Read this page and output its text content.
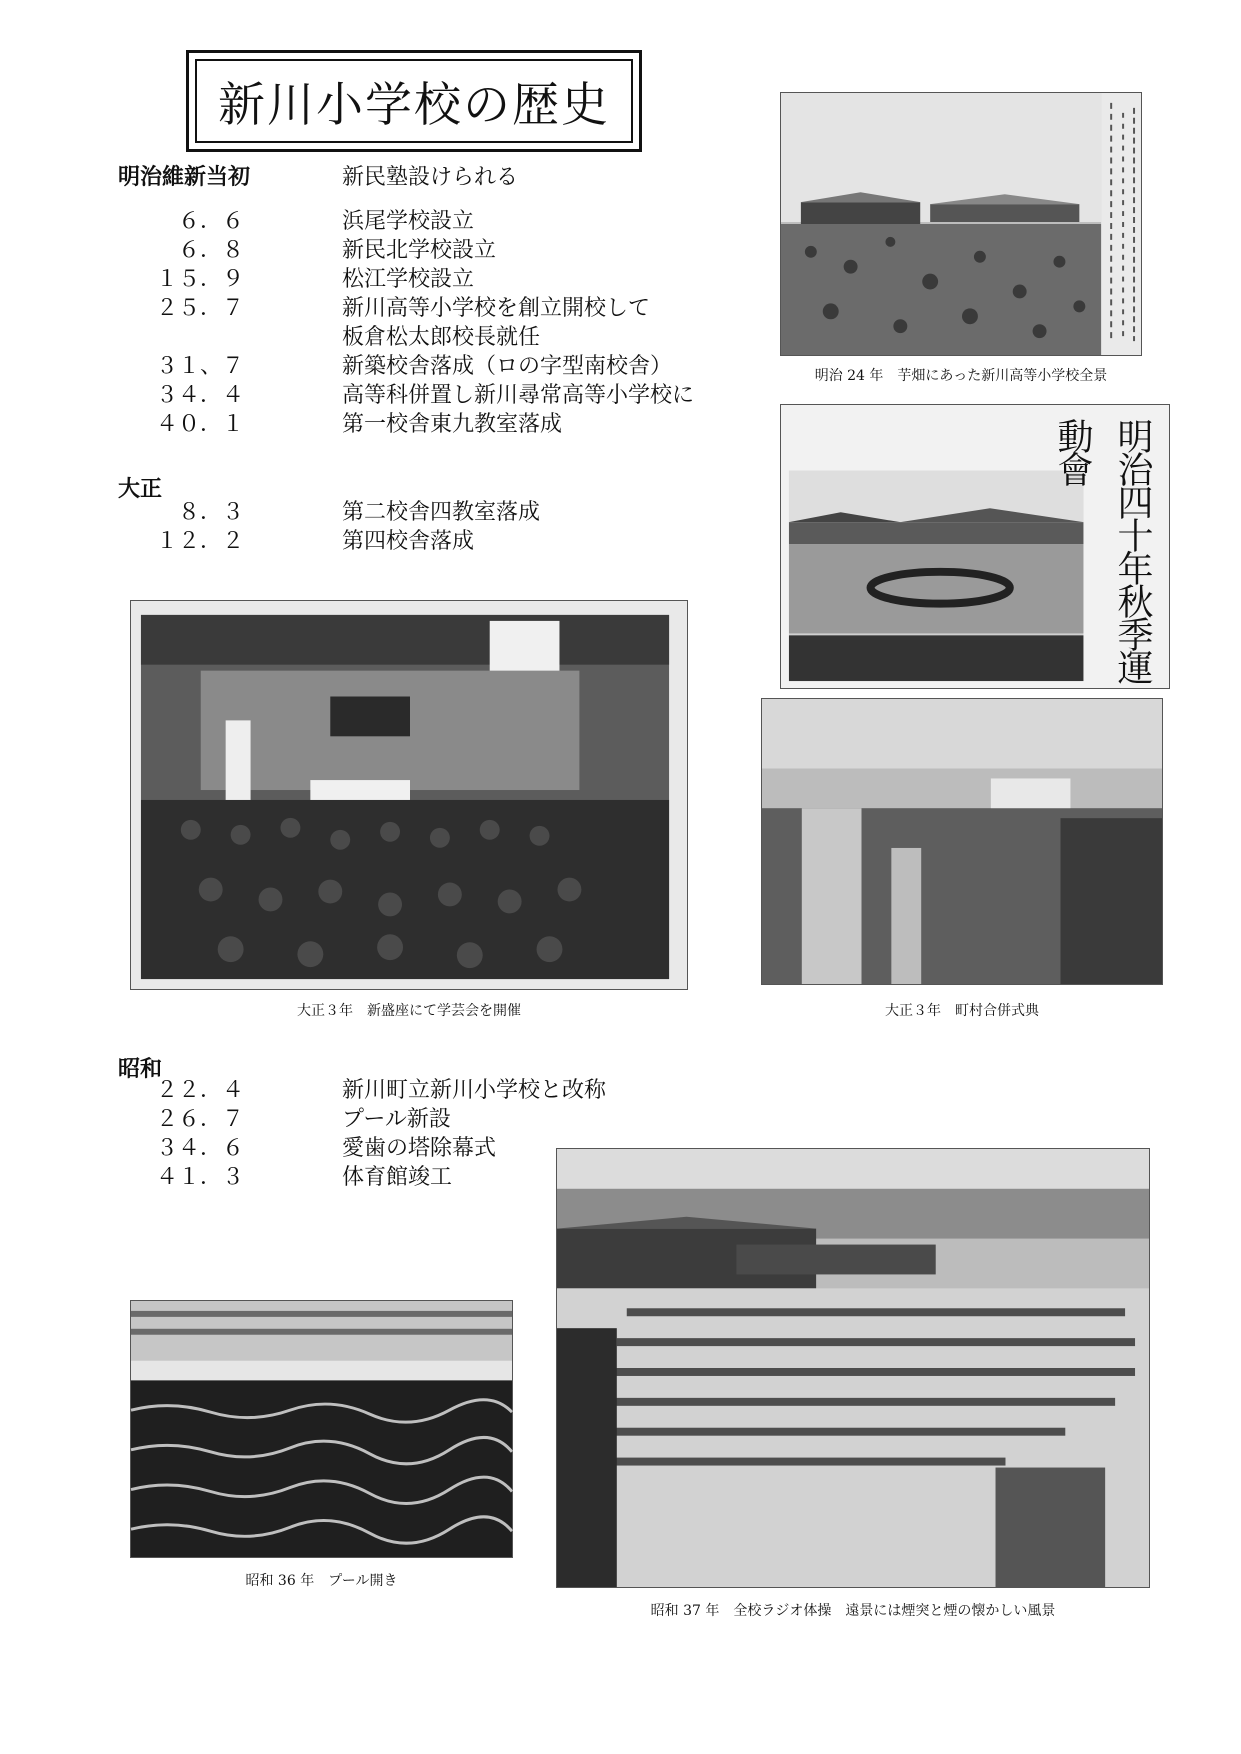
新川小学校の歴史
明治維新当初	新民塾設けられる
６．６	浜尾学校設立
６．８	新民北学校設立
１５．９	松江学校設立
２５．７	新川高等小学校を創立開校して
板倉松太郎校長就任
３１、７	新築校舎落成（ロの字型南校舎）
３４．４	高等科併置し新川尋常高等小学校に
４０．１	第一校舎東九教室落成
大正
８．３	第二校舎四教室落成
１２．２	第四校舎落成
昭和
２２．４	新川町立新川小学校と改称
２６．７	プール新設
３４．６	愛歯の塔除幕式
４１．３	体育館竣工
明治 24 年　芋畑にあった新川高等小学校全景
明治四十年秋季運動會
大正３年　新盛座にて学芸会を開催	大正３年　町村合併式典
昭和 36 年　プール開き
昭和 37 年　全校ラジオ体操　遠景には煙突と煙の懐かしい風景
